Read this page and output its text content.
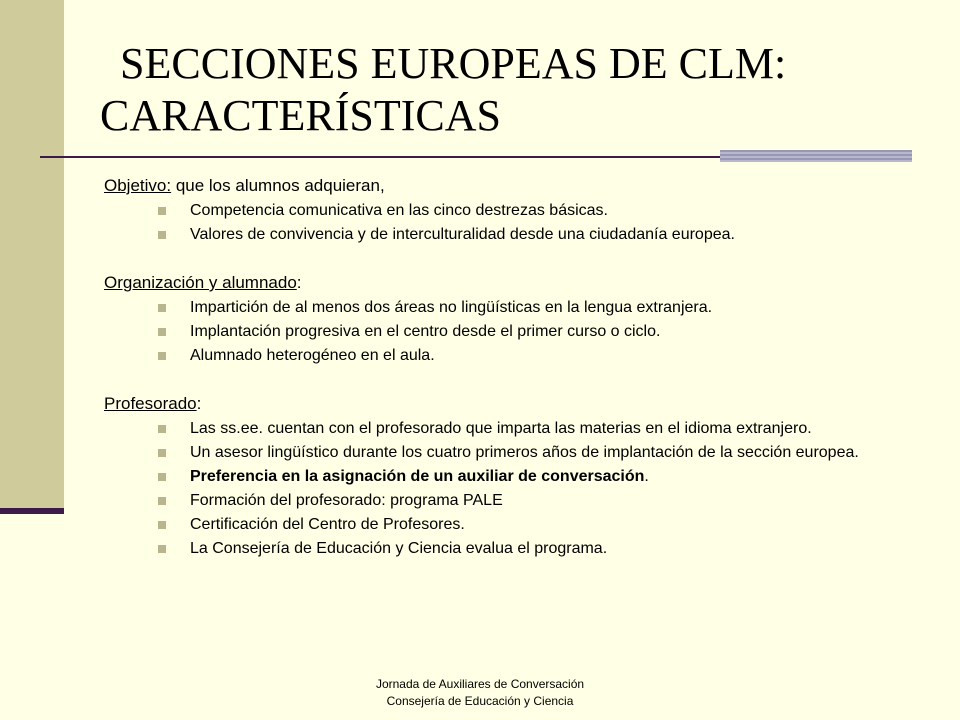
SECCIONES EUROPEAS DE CLM:
CARACTERÍSTICAS

Objetivo: que los alumnos adquieran,

Competencia comunicativa en las cinco destrezas básicas.
Valores de convivencia y de interculturalidad desde una ciudadanía europea.

Organización y alumnado:

Impartición de al menos dos áreas no lingüísticas en la lengua extranjera.
Implantación progresiva en el centro desde el primer curso o ciclo.
Alumnado heterogéneo en el aula.

Profesorado:

Las ss.ee. cuentan con el profesorado que imparta las materias en el idioma extranjero.
Un asesor lingüístico durante los cuatro primeros años de implantación de la sección europea.
Preferencia en la asignación de un auxiliar de conversación.
Formación del profesorado: programa PALE
Certificación del Centro de Profesores.
La Consejería de Educación y Ciencia evalua el programa.
Jornada de Auxiliares de Conversación
Consejería de Educación y Ciencia
